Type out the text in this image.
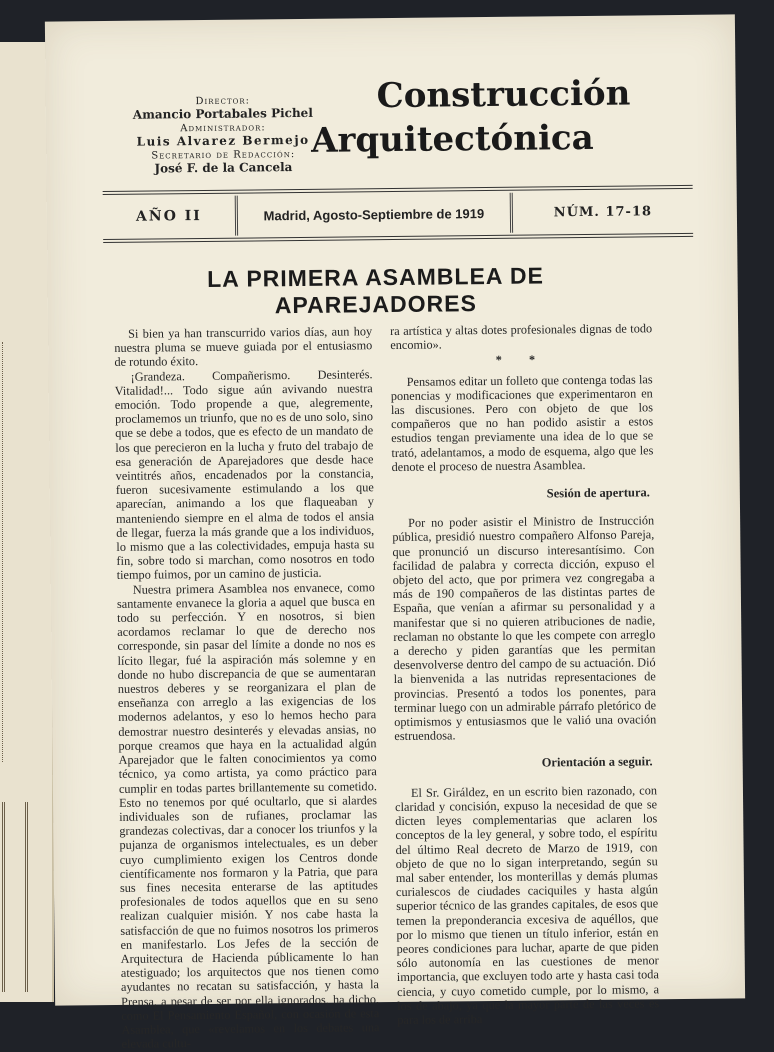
Director:
Amancio Portabales Pichel
Administrador:
Luis Alvarez Bermejo
Secretario de Redacción:
José F. de la Cancela
Construcción
Arquitectónica
AÑO II	Madrid, Agosto-Septiembre de 1919	NÚM. 17-18
LA PRIMERA ASAMBLEA DE APAREJADORES

Si bien ya han transcurrido varios días, aun hoy nuestra pluma se mueve guiada por el entusiasmo de rotundo éxito.

¡Grandeza. Compañerismo. Desinterés. Vitalidad!... Todo sigue aún avivando nuestra emoción. Todo propende a que, alegremente, proclamemos un triunfo, que no es de uno solo, sino que se debe a todos, que es efecto de un mandato de los que perecieron en la lucha y fruto del trabajo de esa generación de Aparejadores que desde hace veintitrés años, encadenados por la constancia, fueron sucesivamente estimulando a los que aparecían, animando a los que flaqueaban y manteniendo siempre en el alma de todos el ansia de llegar, fuerza la más grande que a los individuos, lo mismo que a las colectividades, empuja hasta su fin, sobre todo si marchan, como nosotros en todo tiempo fuimos, por un camino de justicia.

Nuestra primera Asamblea nos envanece, como santamente envanece la gloria a aquel que busca en todo su perfección. Y en nosotros, si bien acordamos reclamar lo que de derecho nos corresponde, sin pasar del límite a donde no nos es lícito llegar, fué la aspiración más solemne y en donde no hubo discrepancia de que se aumentaran nuestros deberes y se reorganizara el plan de enseñanza con arreglo a las exigencias de los modernos adelantos, y eso lo hemos hecho para demostrar nuestro desinterés y elevadas ansias, no porque creamos que haya en la actualidad algún Aparejador que le falten conocimientos ya como técnico, ya como artista, ya como práctico para cumplir en todas partes brillantemente su cometido. Esto no tenemos por qué ocultarlo, que si alardes individuales son de rufianes, proclamar las grandezas colectivas, dar a conocer los triunfos y la pujanza de organismos intelectuales, es un deber cuyo cumplimiento exigen los Centros donde científicamente nos formaron y la Patria, que para sus fines necesita enterarse de las aptitudes profesionales de todos aquellos que en su seno realizan cualquier misión. Y nos cabe hasta la satisfacción de que no fuimos nosotros los primeros en manifestarlo. Los Jefes de la sección de Arquitectura de Hacienda públicamente lo han atestiguado; los arquitectos que nos tienen como ayudantes no recatan su satisfacción, y hasta la Prensa, a pesar de ser por ella ignorados, ha dicho, como El Pensamiento Español, con ocasión de esta Asamblea, que «revelamos en los debates una elevada cultu-

ra artística y altas dotes profesionales dignas de todo encomio».

* *

Pensamos editar un folleto que contenga todas las ponencias y modificaciones que experimentaron en las discusiones. Pero con objeto de que los compañeros que no han podido asistir a estos estudios tengan previamente una idea de lo que se trató, adelantamos, a modo de esquema, algo que les denote el proceso de nuestra Asamblea.

Sesión de apertura.

Por no poder asistir el Ministro de Instrucción pública, presidió nuestro compañero Alfonso Pareja, que pronunció un discurso interesantísimo. Con facilidad de palabra y correcta dicción, expuso el objeto del acto, que por primera vez congregaba a más de 190 compañeros de las distintas partes de España, que venían a afirmar su personalidad y a manifestar que si no quieren atribuciones de nadie, reclaman no obstante lo que les compete con arreglo a derecho y piden garantías que les permitan desenvolverse dentro del campo de su actuación. Dió la bienvenida a las nutridas representaciones de provincias. Presentó a todos los ponentes, para terminar luego con un admirable párrafo pletórico de optimismos y entusiasmos que le valió una ovación estruendosa.

Orientación a seguir.

El Sr. Giráldez, en un escrito bien razonado, con claridad y concisión, expuso la necesidad de que se dicten leyes complementarias que aclaren los conceptos de la ley general, y sobre todo, el espíritu del último Real decreto de Marzo de 1919, con objeto de que no lo sigan interpretando, según su mal saber entender, los monterillas y demás plumas curialescos de ciudades caciquiles y hasta algún superior técnico de las grandes capitales, de esos que temen la preponderancia excesiva de aquéllos, que por lo mismo que tienen un título inferior, están en peores condiciones para luchar, aparte de que piden sólo autonomía en las cuestiones de menor importancia, que excluyen todo arte y hasta casi toda ciencia, y cuyo cometido cumple, por lo mismo, a los de abajo, ya que la mayor parte de las veces es para los de arriba
